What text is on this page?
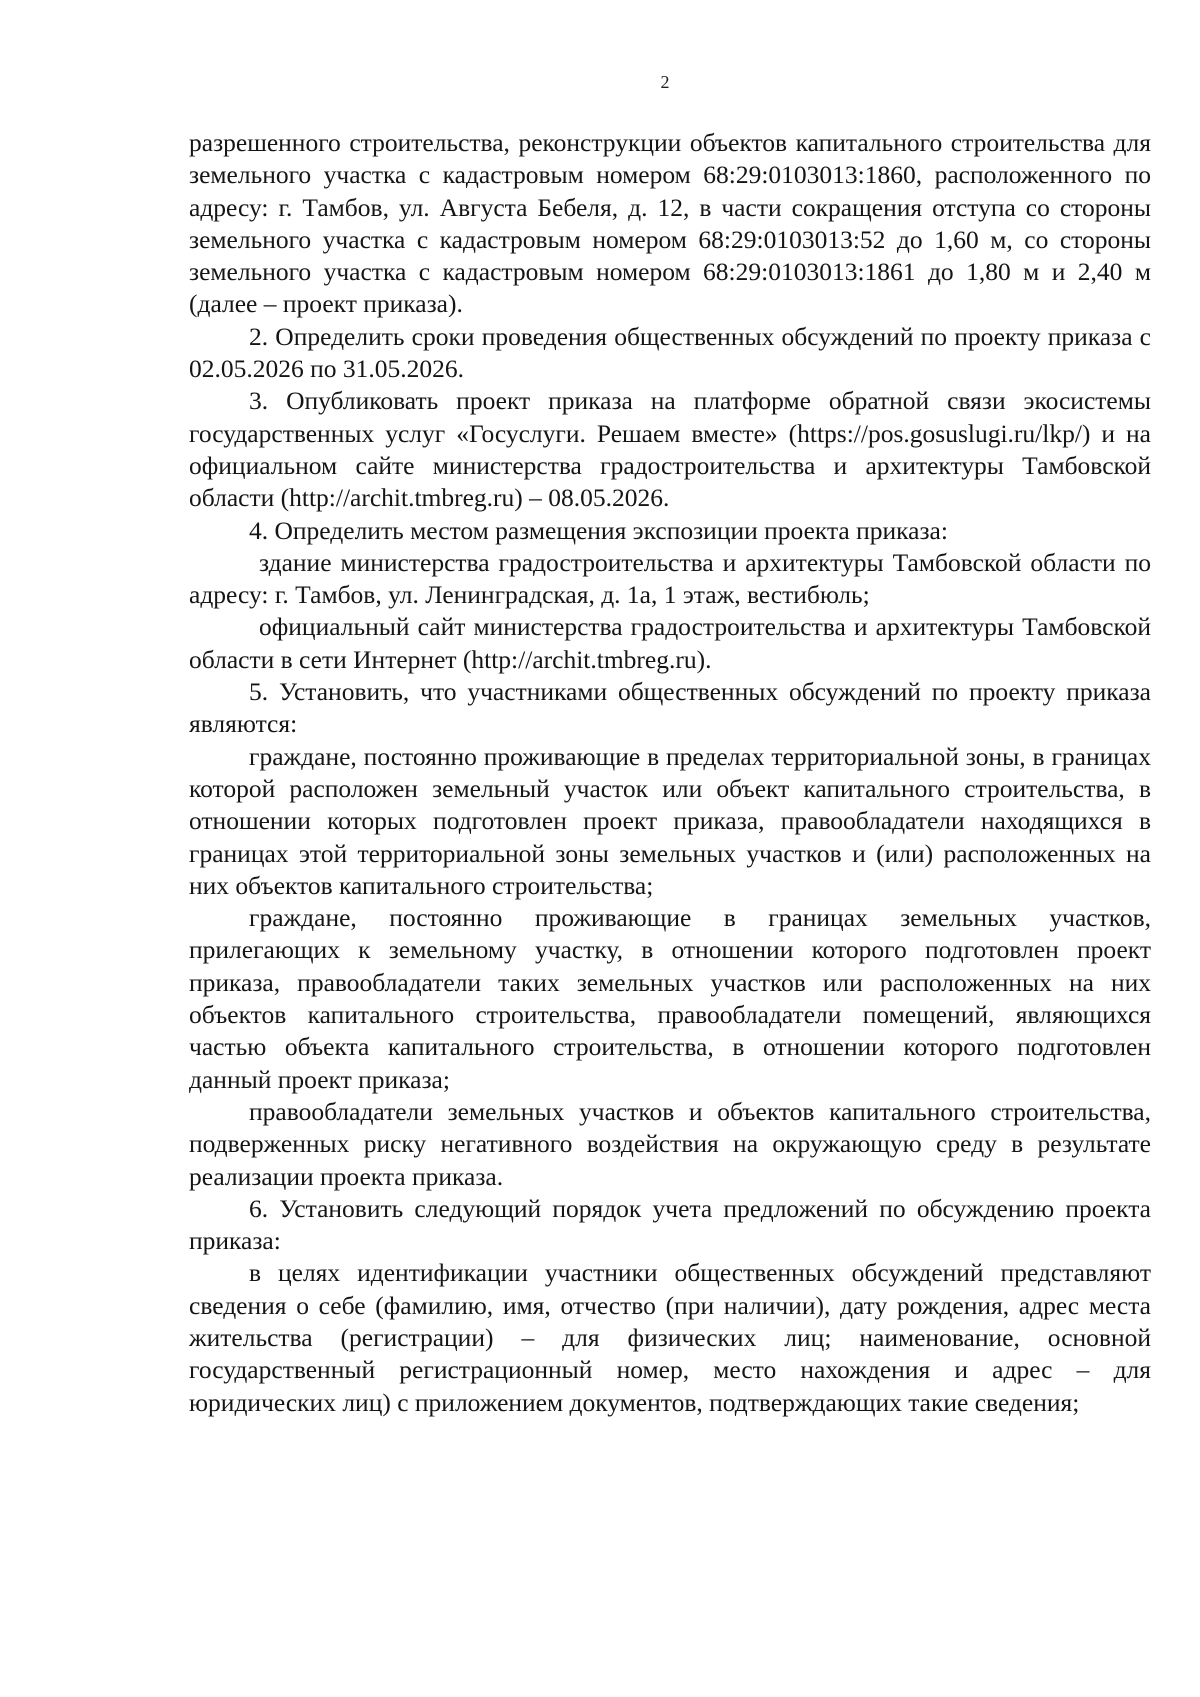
2

разрешенного строительства, реконструкции объектов капитального строительства для земельного участка с кадастровым номером 68:29:0103013:1860, расположенного по адресу: г. Тамбов, ул. Августа Бебеля, д. 12, в части сокращения отступа со стороны земельного участка с кадастровым номером 68:29:0103013:52 до 1,60 м, со стороны земельного участка с кадастровым номером 68:29:0103013:1861 до 1,80 м и 2,40 м (далее – проект приказа).

2. Определить сроки проведения общественных обсуждений по проекту приказа с 02.05.2026 по 31.05.2026.

3. Опубликовать проект приказа на платформе обратной связи экосистемы государственных услуг «Госуслуги. Решаем вместе» (https://pos.gosuslugi.ru/lkp/) и на официальном сайте министерства градостроительства и архитектуры Тамбовской области (http://archit.tmbreg.ru) – 08.05.2026.

4. Определить местом размещения экспозиции проекта приказа:

здание министерства градостроительства и архитектуры Тамбовской области по адресу: г. Тамбов, ул. Ленинградская, д. 1а, 1 этаж, вестибюль;

официальный сайт министерства градостроительства и архитектуры Тамбовской области в сети Интернет (http://archit.tmbreg.ru).

5. Установить, что участниками общественных обсуждений по проекту приказа являются:

граждане, постоянно проживающие в пределах территориальной зоны, в границах которой расположен земельный участок или объект капитального строительства, в отношении которых подготовлен проект приказа, правообладатели находящихся в границах этой территориальной зоны земельных участков и (или) расположенных на них объектов капитального строительства;

граждане, постоянно проживающие в границах земельных участков, прилегающих к земельному участку, в отношении которого подготовлен проект приказа, правообладатели таких земельных участков или расположенных на них объектов капитального строительства, правообладатели помещений, являющихся частью объекта капитального строительства, в отношении которого подготовлен данный проект приказа;

правообладатели земельных участков и объектов капитального строительства, подверженных риску негативного воздействия на окружающую среду в результате реализации проекта приказа.

6. Установить следующий порядок учета предложений по обсуждению проекта приказа:

в целях идентификации участники общественных обсуждений представляют сведения о себе (фамилию, имя, отчество (при наличии), дату рождения, адрес места жительства (регистрации) – для физических лиц; наименование, основной государственный регистрационный номер, место нахождения и адрес – для юридических лиц) с приложением документов, подтверждающих такие сведения;
